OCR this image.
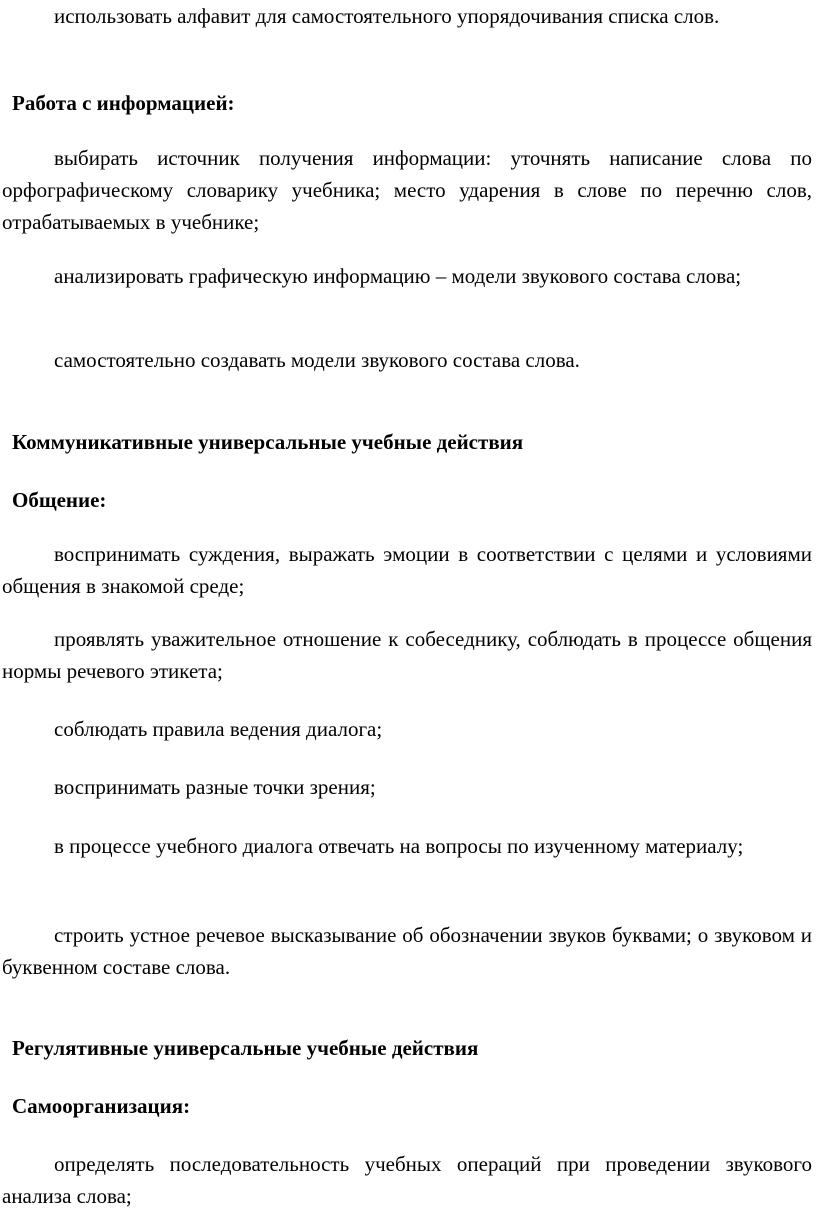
использовать алфавит для самостоятельного упорядочивания списка слов.

Работа с информацией:

выбирать источник получения информации: уточнять написание слова по орфографическому словарику учебника; место ударения в слове по перечню слов, отрабатываемых в учебнике;

анализировать графическую информацию – модели звукового состава слова;

самостоятельно создавать модели звукового состава слова.

Коммуникативные универсальные учебные действия
Общение:

воспринимать суждения, выражать эмоции в соответствии с целями и условиями общения в знакомой среде;

проявлять уважительное отношение к собеседнику, соблюдать в процессе общения нормы речевого этикета;

соблюдать правила ведения диалога;

воспринимать разные точки зрения;

в процессе учебного диалога отвечать на вопросы по изученному материалу;

строить устное речевое высказывание об обозначении звуков буквами; о звуковом и буквенном составе слова.

Регулятивные универсальные учебные действия
Самоорганизация:

определять последовательность учебных операций при проведении звукового анализа слова;
